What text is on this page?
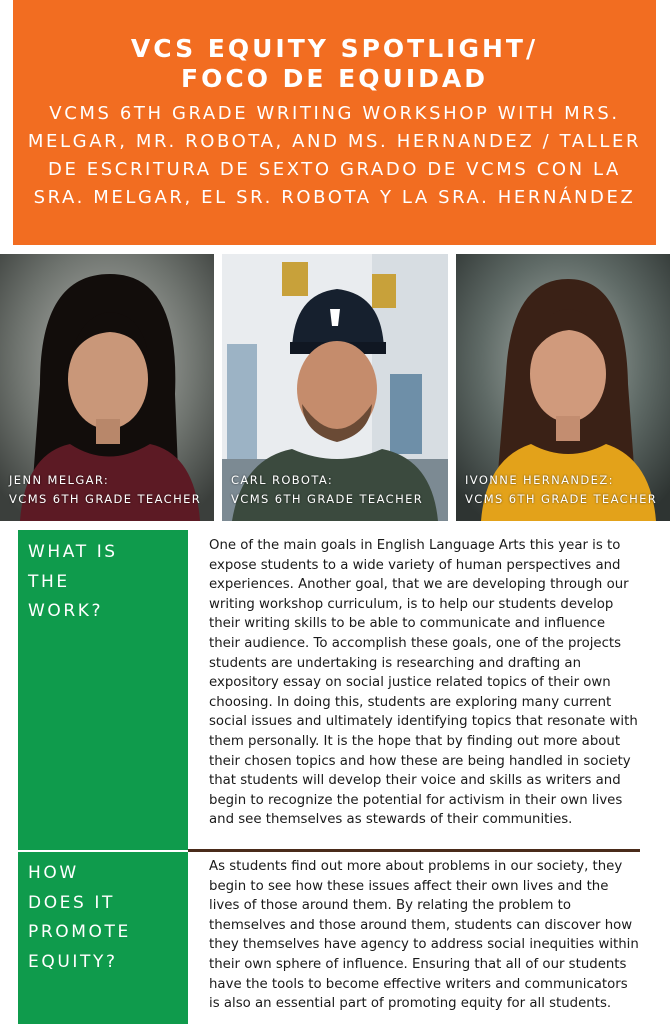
VCS EQUITY SPOTLIGHT/
FOCO DE EQUIDAD
VCMS 6TH GRADE WRITING WORKSHOP WITH MRS. MELGAR, MR. ROBOTA, AND MS. HERNANDEZ / TALLER DE ESCRITURA DE SEXTO GRADO DE VCMS CON LA SRA. MELGAR, EL SR. ROBOTA Y LA SRA. HERNÁNDEZ
JENN MELGAR:
VCMS 6TH GRADE TEACHER
CARL ROBOTA:
VCMS 6TH GRADE TEACHER
IVONNE HERNANDEZ:
VCMS 6TH GRADE TEACHER
WHAT IS
THE
WORK?
One of the main goals in English Language Arts this year is to expose students to a wide variety of human perspectives and experiences. Another goal, that we are developing through our writing workshop curriculum, is to help our students develop their writing skills to be able to communicate and influence their audience. To accomplish these goals, one of the projects students are undertaking is researching and drafting an expository essay on social justice related topics of their own choosing. In doing this, students are exploring many current social issues and ultimately identifying topics that resonate with them personally. It is the hope that by finding out more about their chosen topics and how these are being handled in society that students will develop their voice and skills as writers and begin to recognize the potential for activism in their own lives and see themselves as stewards of their communities.
HOW
DOES IT
PROMOTE
EQUITY?
As students find out more about problems in our society, they begin to see how these issues affect their own lives and the lives of those around them. By relating the problem to themselves and those around them, students can discover how they themselves have agency to address social inequities within their own sphere of influence. Ensuring that all of our students have the tools to become effective writers and communicators is also an essential part of promoting equity for all students.
